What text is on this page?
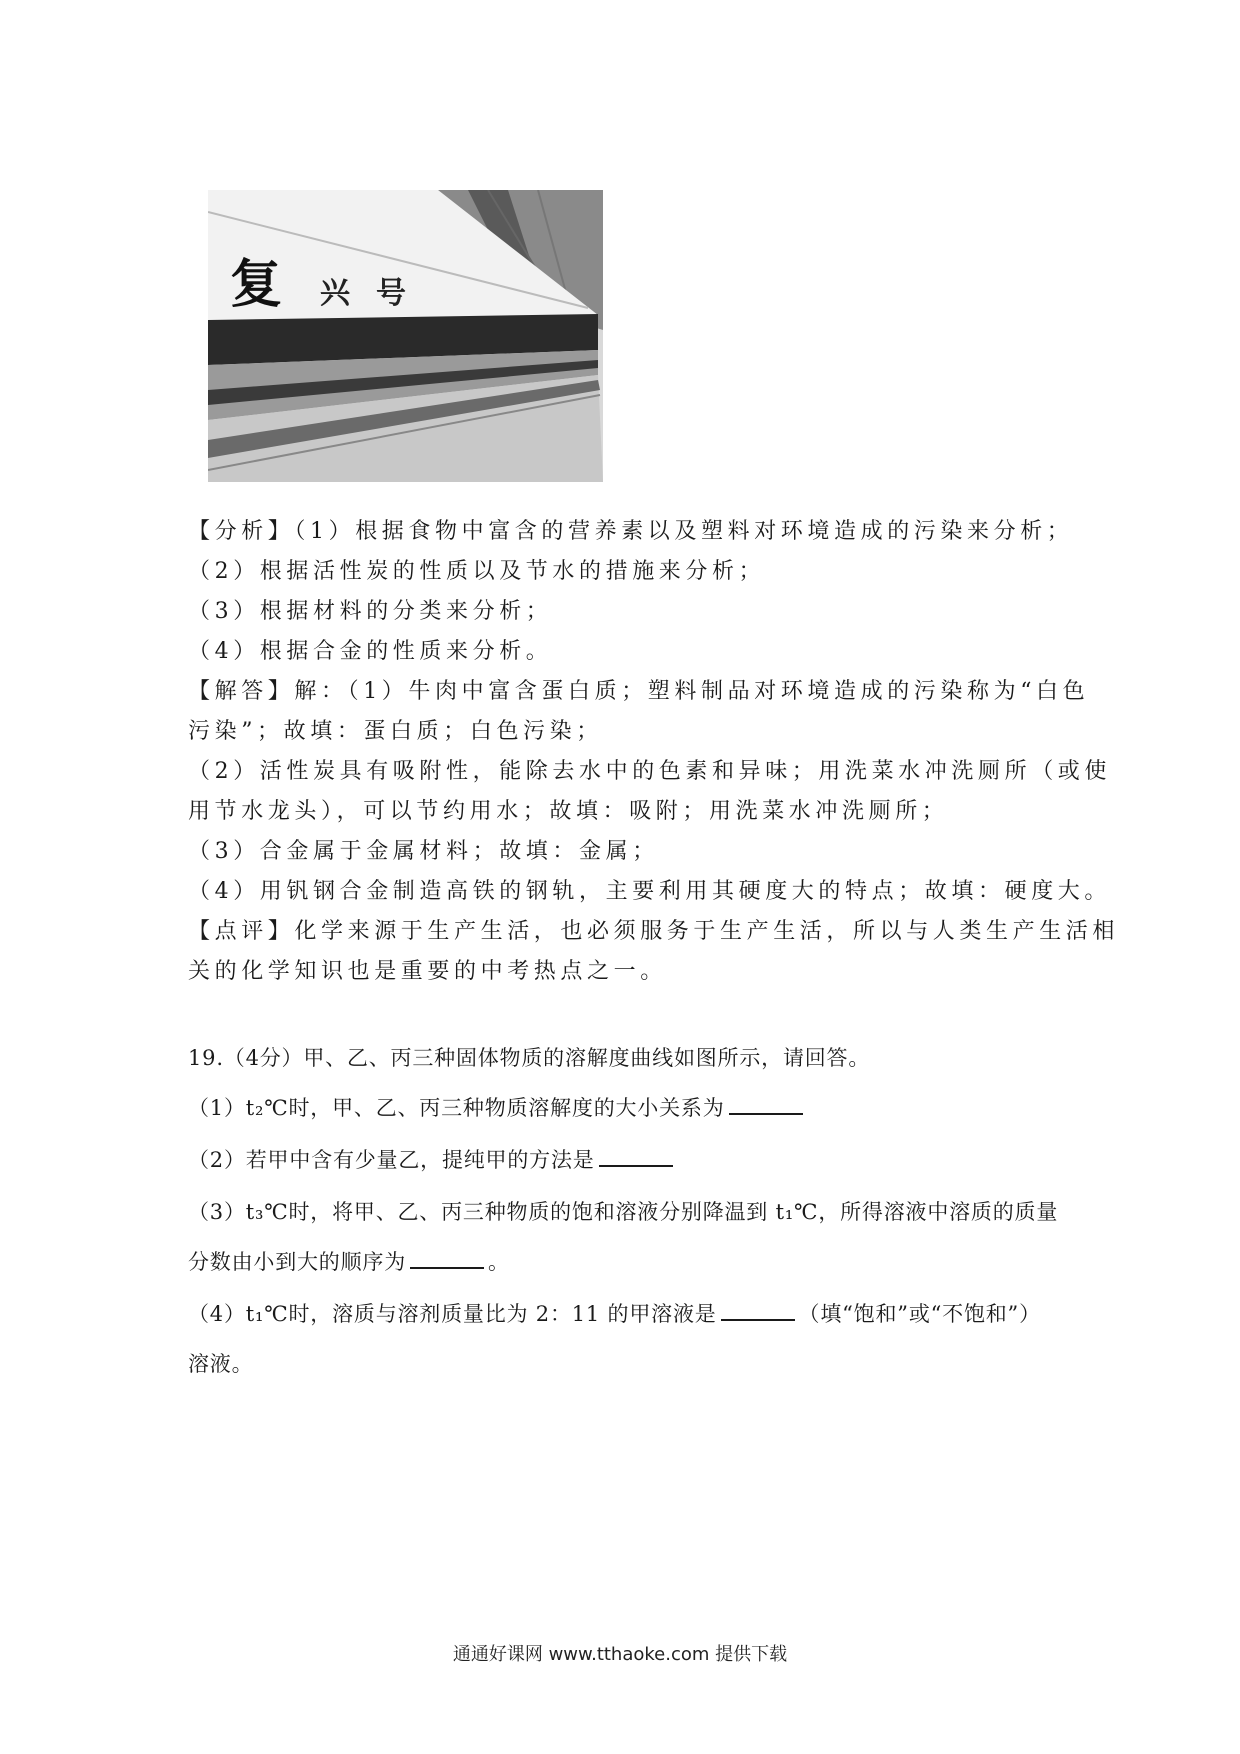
复 兴 号
【分析】（1）根据食物中富含的营养素以及塑料对环境造成的污染来分析；
（2）根据活性炭的性质以及节水的措施来分析；
（3）根据材料的分类来分析；
（4）根据合金的性质来分析。
【解答】解：（1）牛肉中富含蛋白质；塑料制品对环境造成的污染称为“白色
污染”；故填：蛋白质；白色污染；
（2）活性炭具有吸附性，能除去水中的色素和异味；用洗菜水冲洗厕所（或使
用节水龙头），可以节约用水；故填：吸附；用洗菜水冲洗厕所；
（3）合金属于金属材料；故填：金属；
（4）用钒钢合金制造高铁的钢轨，主要利用其硬度大的特点；故填：硬度大。
【点评】化学来源于生产生活，也必须服务于生产生活，所以与人类生产生活相
关的化学知识也是重要的中考热点之一。
19.（4分）甲、乙、丙三种固体物质的溶解度曲线如图所示，请回答。
（1）t₂℃时，甲、乙、丙三种物质溶解度的大小关系为
（2）若甲中含有少量乙，提纯甲的方法是
（3）t₃℃时，将甲、乙、丙三种物质的饱和溶液分别降温到 t₁℃，所得溶液中溶质的质量
分数由小到大的顺序为	。
（4）t₁℃时，溶质与溶剂质量比为 2：11 的甲溶液是	（填“饱和”或“不饱和”）
溶液。
通通好课网 www.tthaoke.com 提供下载
